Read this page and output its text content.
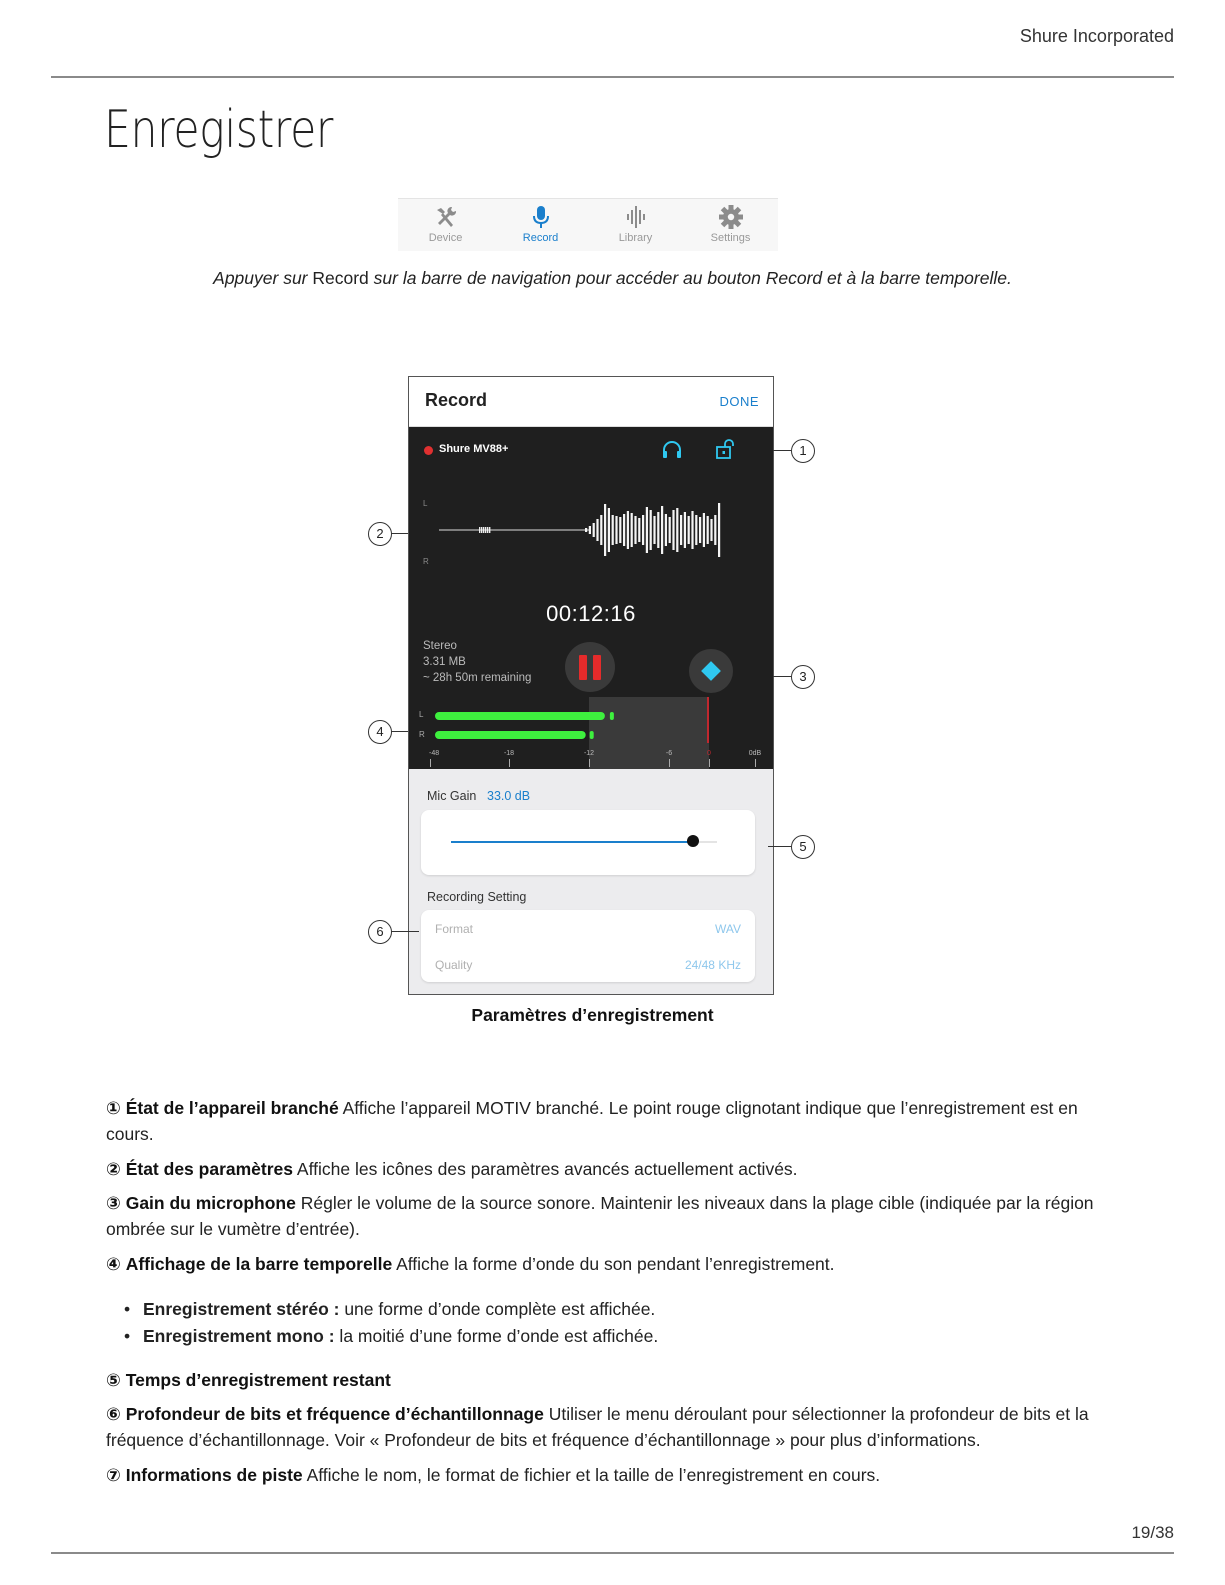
Shure Incorporated
Enregistrer
Device	Record	Library	Settings
Appuyer sur Record sur la barre de navigation pour accéder au bouton Record et à la barre temporelle.
Record	DONE
Shure MV88+
L
R
00:12:16
Stereo
3.31 MB
~ 28h 50m remaining
L
R
-48	-18	-12	-6	0	0dB
Mic Gain 33.0 dB
Recording Setting
Format	WAV
Quality	24/48 KHz
1
2
3
4
5
6
Paramètres d’enregistrement
① État de l’appareil branché Affiche l’appareil MOTIV branché. Le point rouge clignotant indique que l’enregistrement est en cours.
② État des paramètres Affiche les icônes des paramètres avancés actuellement activés.
③ Gain du microphone Régler le volume de la source sonore. Maintenir les niveaux dans la plage cible (indiquée par la région ombrée sur le vumètre d’entrée).
④ Affichage de la barre temporelle Affiche la forme d’onde du son pendant l’enregistrement.
• Enregistrement stéréo : une forme d’onde complète est affichée.
• Enregistrement mono : la moitié d’une forme d’onde est affichée.
⑤ Temps d’enregistrement restant
⑥ Profondeur de bits et fréquence d’échantillonnage Utiliser le menu déroulant pour sélectionner la profondeur de bits et la fréquence d’échantillonnage. Voir « Profondeur de bits et fréquence d’échantillonnage » pour plus d’informations.
⑦ Informations de piste Affiche le nom, le format de fichier et la taille de l’enregistrement en cours.
19/38
